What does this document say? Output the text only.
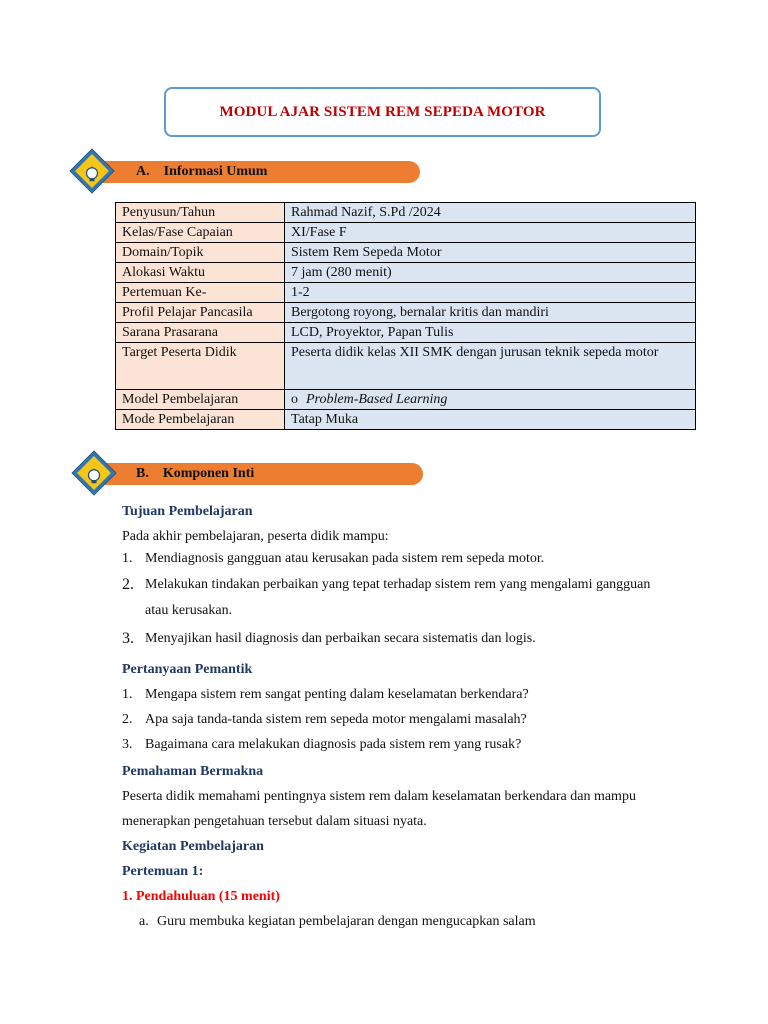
MODUL AJAR SISTEM REM SEPEDA MOTOR
A. Informasi Umum
Penyusun/Tahun	Rahmad Nazif, S.Pd /2024
Kelas/Fase Capaian	XI/Fase F
Domain/Topik	Sistem Rem Sepeda Motor
Alokasi Waktu	7 jam (280 menit)
Pertemuan Ke-	1-2
Profil Pelajar Pancasila	Bergotong royong, bernalar kritis dan mandiri
Sarana Prasarana	LCD, Proyektor, Papan Tulis
Target Peserta Didik	Peserta didik kelas XII SMK dengan jurusan teknik sepeda motor
Model Pembelajaran	o Problem-Based Learning
Mode Pembelajaran	Tatap Muka
B. Komponen Inti
Tujuan Pembelajaran
Pada akhir pembelajaran, peserta didik mampu:
1. Mendiagnosis gangguan atau kerusakan pada sistem rem sepeda motor.
2. Melakukan tindakan perbaikan yang tepat terhadap sistem rem yang mengalami gangguan atau kerusakan.
3. Menyajikan hasil diagnosis dan perbaikan secara sistematis dan logis.
Pertanyaan Pemantik
1. Mengapa sistem rem sangat penting dalam keselamatan berkendara?
2. Apa saja tanda-tanda sistem rem sepeda motor mengalami masalah?
3. Bagaimana cara melakukan diagnosis pada sistem rem yang rusak?
Pemahaman Bermakna
Peserta didik memahami pentingnya sistem rem dalam keselamatan berkendara dan mampu menerapkan pengetahuan tersebut dalam situasi nyata.
Kegiatan Pembelajaran
Pertemuan 1:
1. Pendahuluan (15 menit)
a. Guru membuka kegiatan pembelajaran dengan mengucapkan salam
